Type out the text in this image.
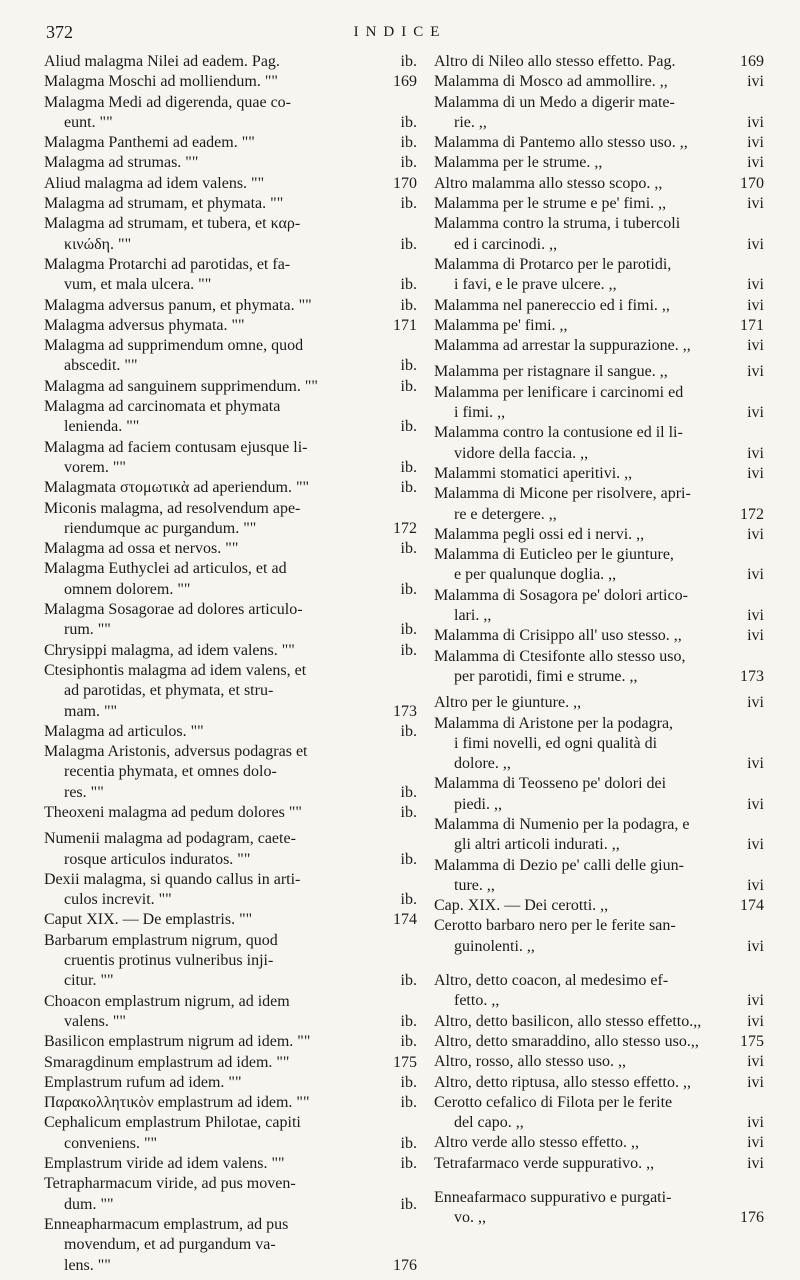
372	INDICE
Aliud malagma Nilei ad eadem. Pag.	ib.
Malagma Moschi ad molliendum. ""	169
Malagma Medi ad digerenda, quae co-
eunt. ""	ib.
Malagma Panthemi ad eadem. ""	ib.
Malagma ad strumas. ""	ib.
Aliud malagma ad idem valens. ""	170
Malagma ad strumam, et phymata. ""	ib.
Malagma ad strumam, et tubera, et καρ-
κινώδη. ""	ib.
Malagma Protarchi ad parotidas, et fa-
vum, et mala ulcera. ""	ib.
Malagma adversus panum, et phymata. ""	ib.
Malagma adversus phymata. ""	171
Malagma ad supprimendum omne, quod
abscedit. ""	ib.
Malagma ad sanguinem supprimendum. ""	ib.
Malagma ad carcinomata et phymata
lenienda. ""	ib.
Malagma ad faciem contusam ejusque li-
vorem. ""	ib.
Malagmata στομωτικὰ ad aperiendum. ""	ib.
Miconis malagma, ad resolvendum ape-
riendumque ac purgandum. ""	172
Malagma ad ossa et nervos. ""	ib.
Malagma Euthyclei ad articulos, et ad
omnem dolorem. ""	ib.
Malagma Sosagorae ad dolores articulo-
rum. ""	ib.
Chrysippi malagma, ad idem valens. ""	ib.
Ctesiphontis malagma ad idem valens, et
ad parotidas, et phymata, et stru-
mam. ""	173
Malagma ad articulos. ""	ib.
Malagma Aristonis, adversus podagras et
recentia phymata, et omnes dolo-
res. ""	ib.
Theoxeni malagma ad pedum dolores ""	ib.
Numenii malagma ad podagram, caete-
rosque articulos induratos. ""	ib.
Dexii malagma, si quando callus in arti-
culos increvit. ""	ib.
Caput XIX. — De emplastris. ""	174
Barbarum emplastrum nigrum, quod
cruentis protinus vulneribus inji-
citur. ""	ib.
Choacon emplastrum nigrum, ad idem
valens. ""	ib.
Basilicon emplastrum nigrum ad idem. ""	ib.
Smaragdinum emplastrum ad idem. ""	175
Emplastrum rufum ad idem. ""	ib.
Παρακολλητικὸν emplastrum ad idem. ""	ib.
Cephalicum emplastrum Philotae, capiti
conveniens. ""	ib.
Emplastrum viride ad idem valens. ""	ib.
Tetrapharmacum viride, ad pus moven-
dum. ""	ib.
Enneapharmacum emplastrum, ad pus
movendum, et ad purgandum va-
lens. ""	176
Altro di Nileo allo stesso effetto. Pag.	169
Malamma di Mosco ad ammollire. ,,	ivi
Malamma di un Medo a digerir mate-
rie. ,,	ivi
Malamma di Pantemo allo stesso uso. ,,	ivi
Malamma per le strume. ,,	ivi
Altro malamma allo stesso scopo. ,,	170
Malamma per le strume e pe' fimi. ,,	ivi
Malamma contro la struma, i tubercoli
ed i carcinodi. ,,	ivi
Malamma di Protarco per le parotidi,
i favi, e le prave ulcere. ,,	ivi
Malamma nel panereccio ed i fimi. ,,	ivi
Malamma pe' fimi. ,,	171
Malamma ad arrestar la suppurazione. ,,	ivi
Malamma per ristagnare il sangue. ,,	ivi
Malamma per lenificare i carcinomi ed
i fimi. ,,	ivi
Malamma contro la contusione ed il li-
vidore della faccia. ,,	ivi
Malammi stomatici aperitivi. ,,	ivi
Malamma di Micone per risolvere, apri-
re e detergere. ,,	172
Malamma pegli ossi ed i nervi. ,,	ivi
Malamma di Euticleo per le giunture,
e per qualunque doglia. ,,	ivi
Malamma di Sosagora pe' dolori artico-
lari. ,,	ivi
Malamma di Crisippo all' uso stesso. ,,	ivi
Malamma di Ctesifonte allo stesso uso,
per parotidi, fimi e strume. ,,	173
Altro per le giunture. ,,	ivi
Malamma di Aristone per la podagra,
i fimi novelli, ed ogni qualità di
dolore. ,,	ivi
Malamma di Teosseno pe' dolori dei
piedi. ,,	ivi
Malamma di Numenio per la podagra, e
gli altri articoli indurati. ,,	ivi
Malamma di Dezio pe' calli delle giun-
ture. ,,	ivi
Cap. XIX. — Dei cerotti. ,,	174
Cerotto barbaro nero per le ferite san-
guinolenti. ,,	ivi
Altro, detto coacon, al medesimo ef-
fetto. ,,	ivi
Altro, detto basilicon, allo stesso effetto.,,	ivi
Altro, detto smaraddino, allo stesso uso.,,	175
Altro, rosso, allo stesso uso. ,,	ivi
Altro, detto riptusa, allo stesso effetto. ,,	ivi
Cerotto cefalico di Filota per le ferite
del capo. ,,	ivi
Altro verde allo stesso effetto. ,,	ivi
Tetrafarmaco verde suppurativo. ,,	ivi
Enneafarmaco suppurativo e purgati-
vo. ,,	176
